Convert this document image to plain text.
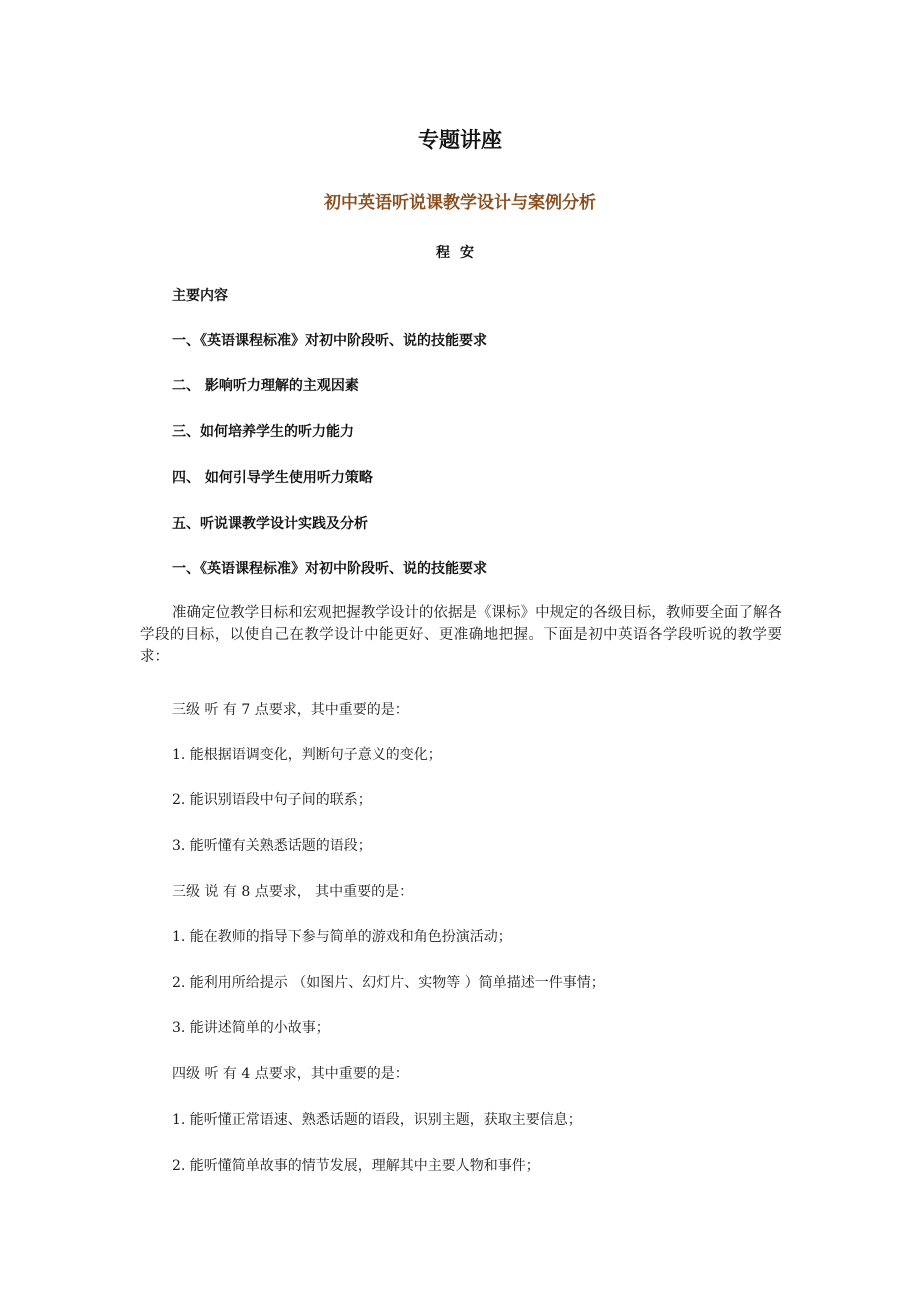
专题讲座
初中英语听说课教学设计与案例分析
程安
主要内容
一、《英语课程标准》对初中阶段听、说的技能要求
二、 影响听力理解的主观因素
三、如何培养学生的听力能力
四、 如何引导学生使用听力策略
五、听说课教学设计实践及分析
一、《英语课程标准》对初中阶段听、说的技能要求
准确定位教学目标和宏观把握教学设计的依据是《课标》中规定的各级目标，教师要全面了解各学段的目标，以使自己在教学设计中能更好、更准确地把握。下面是初中英语各学段听说的教学要求：
三级 听 有 7 点要求，其中重要的是：
1. 能根据语调变化，判断句子意义的变化；
2. 能识别语段中句子间的联系；
3. 能听懂有关熟悉话题的语段；
三级 说 有 8 点要求， 其中重要的是：
1. 能在教师的指导下参与简单的游戏和角色扮演活动；
2. 能利用所给提示 （如图片、幻灯片、实物等 ）简单描述一件事情；
3. 能讲述简单的小故事；
四级 听 有 4 点要求，其中重要的是：
1. 能听懂正常语速、熟悉话题的语段，识别主题，获取主要信息；
2. 能听懂简单故事的情节发展，理解其中主要人物和事件；
